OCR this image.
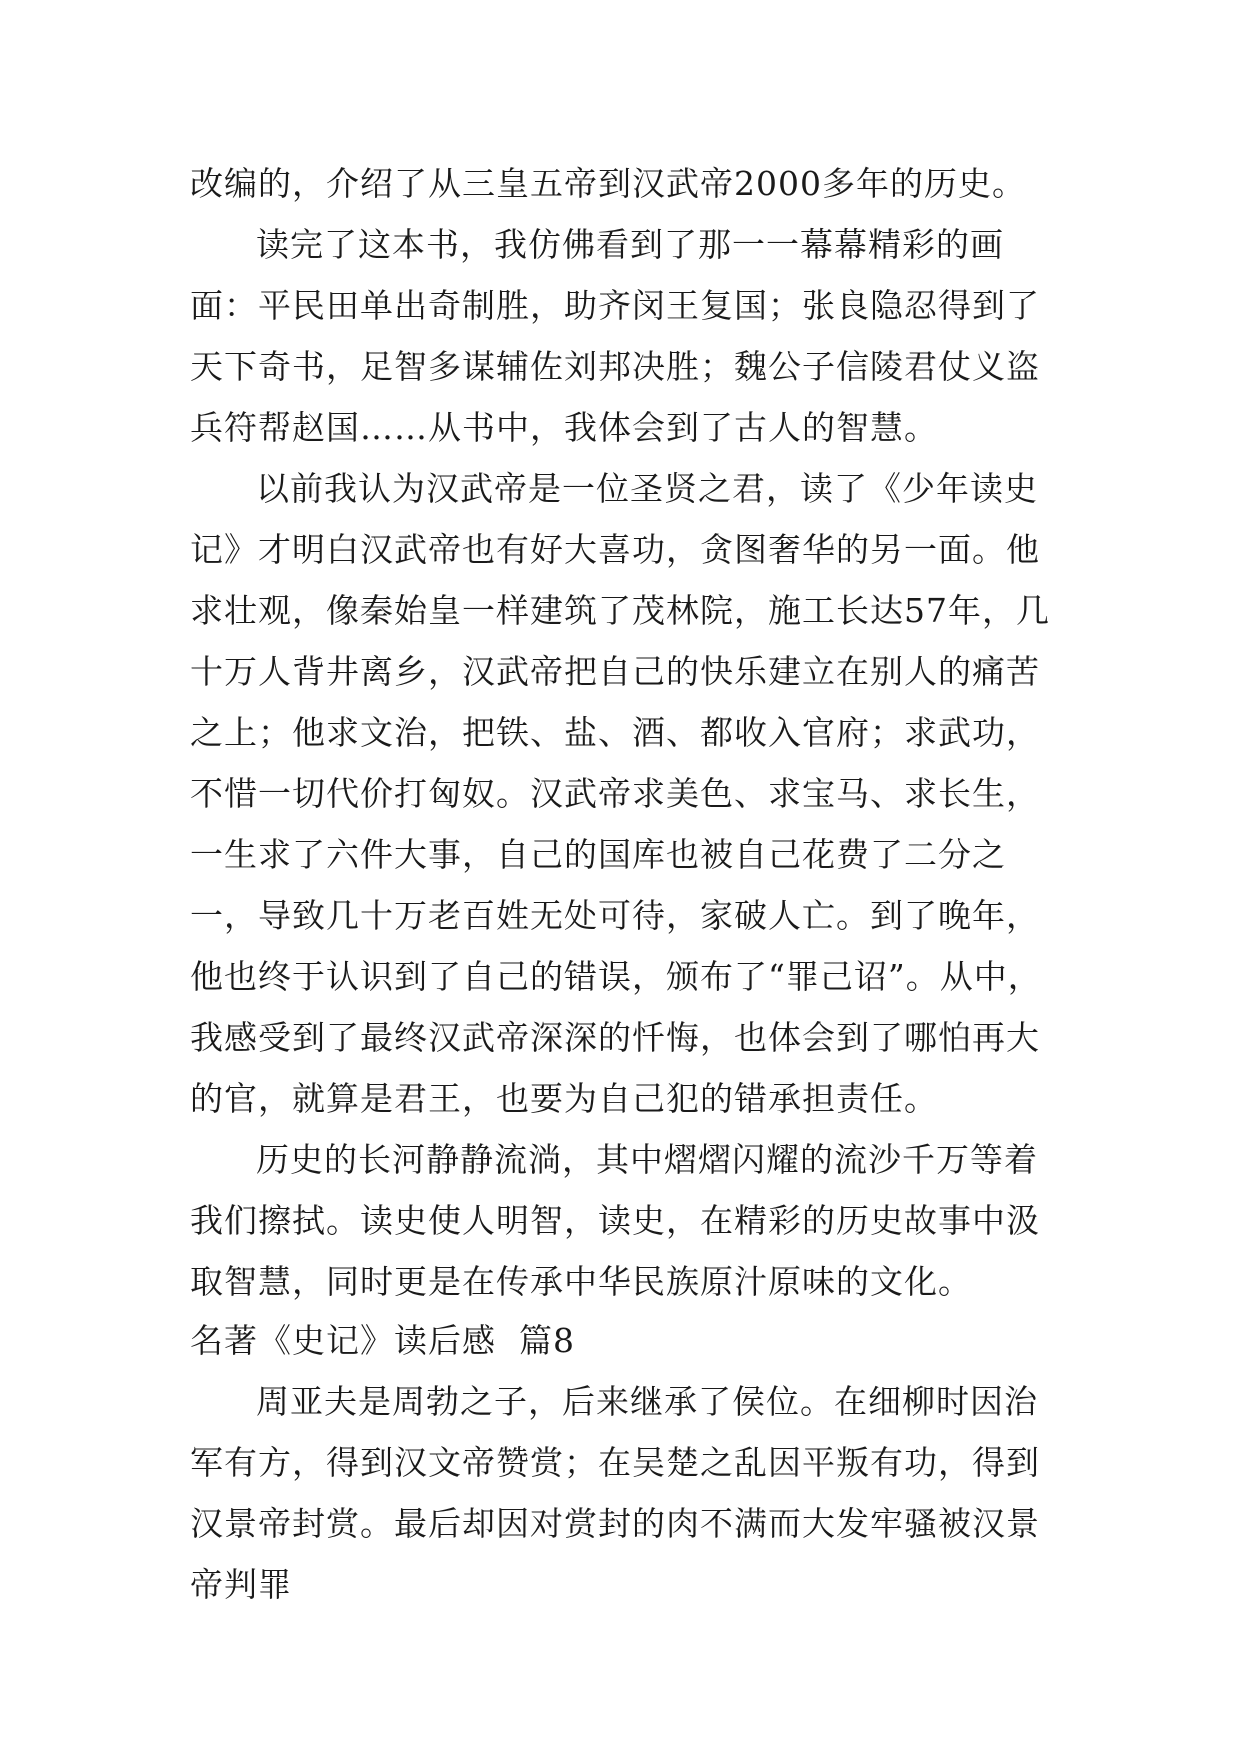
改编的，介绍了从三皇五帝到汉武帝2000多年的历史。

读完了这本书，我仿佛看到了那一一幕幕精彩的画面：平民田单出奇制胜，助齐闵王复国；张良隐忍得到了天下奇书，足智多谋辅佐刘邦决胜；魏公子信陵君仗义盗兵符帮赵国……从书中，我体会到了古人的智慧。

以前我认为汉武帝是一位圣贤之君，读了《少年读史记》才明白汉武帝也有好大喜功，贪图奢华的另一面。他求壮观，像秦始皇一样建筑了茂林院，施工长达57年，几十万人背井离乡，汉武帝把自己的快乐建立在别人的痛苦之上；他求文治，把铁、盐、酒、都收入官府；求武功，不惜一切代价打匈奴。汉武帝求美色、求宝马、求长生，一生求了六件大事，自己的国库也被自己花费了二分之一，导致几十万老百姓无处可待，家破人亡。到了晚年，他也终于认识到了自己的错误，颁布了“罪己诏”。从中，我感受到了最终汉武帝深深的忏悔，也体会到了哪怕再大的官，就算是君王，也要为自己犯的错承担责任。

历史的长河静静流淌，其中熠熠闪耀的流沙千万等着我们擦拭。读史使人明智，读史，在精彩的历史故事中汲取智慧，同时更是在传承中华民族原汁原味的文化。

名著《史记》读后感  篇8

周亚夫是周勃之子，后来继承了侯位。在细柳时因治军有方，得到汉文帝赞赏；在吴楚之乱因平叛有功，得到汉景帝封赏。最后却因对赏封的肉不满而大发牢骚被汉景帝判罪
